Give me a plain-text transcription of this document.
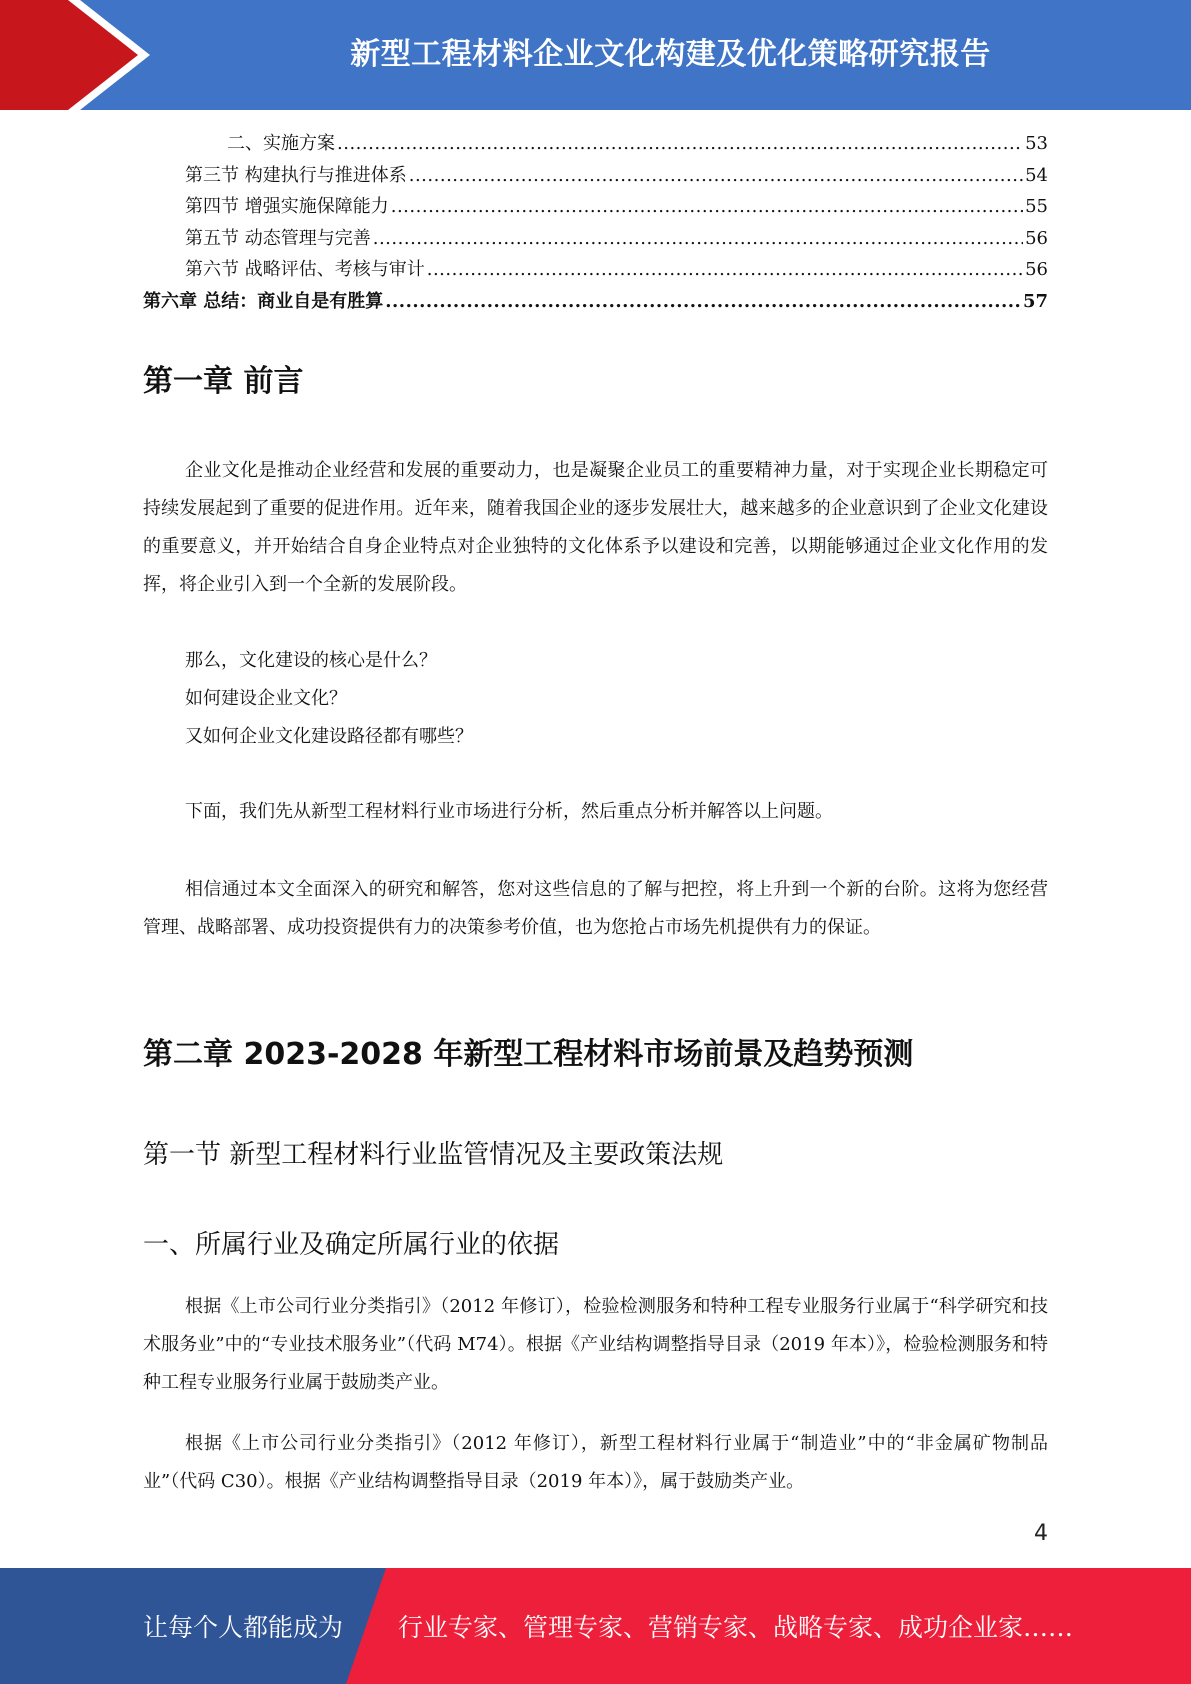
新型工程材料企业文化构建及优化策略研究报告
二、实施方案 .....	53
第三节 构建执行与推进体系 .....	54
第四节 增强实施保障能力 .....	55
第五节 动态管理与完善 .....	56
第六节 战略评估、考核与审计 .....	56
第六章 总结：商业自是有胜算 .....	57
第一章 前言

企业文化是推动企业经营和发展的重要动力，也是凝聚企业员工的重要精神力量，对于实现企业长期稳定可持续发展起到了重要的促进作用。近年来，随着我国企业的逐步发展壮大，越来越多的企业意识到了企业文化建设的重要意义，并开始结合自身企业特点对企业独特的文化体系予以建设和完善，以期能够通过企业文化作用的发挥，将企业引入到一个全新的发展阶段。

那么，文化建设的核心是什么？

如何建设企业文化？

又如何企业文化建设路径都有哪些？

下面，我们先从新型工程材料行业市场进行分析，然后重点分析并解答以上问题。

相信通过本文全面深入的研究和解答，您对这些信息的了解与把控，将上升到一个新的台阶。这将为您经营管理、战略部署、成功投资提供有力的决策参考价值，也为您抢占市场先机提供有力的保证。

第二章 2023-2028 年新型工程材料市场前景及趋势预测
第一节 新型工程材料行业监管情况及主要政策法规
一、所属行业及确定所属行业的依据

根据《上市公司行业分类指引》（2012 年修订），检验检测服务和特种工程专业服务行业属于“科学研究和技术服务业”中的“专业技术服务业”（代码 M74）。根据《产业结构调整指导目录（2019 年本）》，检验检测服务和特种工程专业服务行业属于鼓励类产业。

根据《上市公司行业分类指引》（2012 年修订），新型工程材料行业属于“制造业”中的“非金属矿物制品业”（代码 C30）。根据《产业结构调整指导目录（2019 年本）》，属于鼓励类产业。

4
让每个人都能成为 行业专家、管理专家、营销专家、战略专家、成功企业家……
